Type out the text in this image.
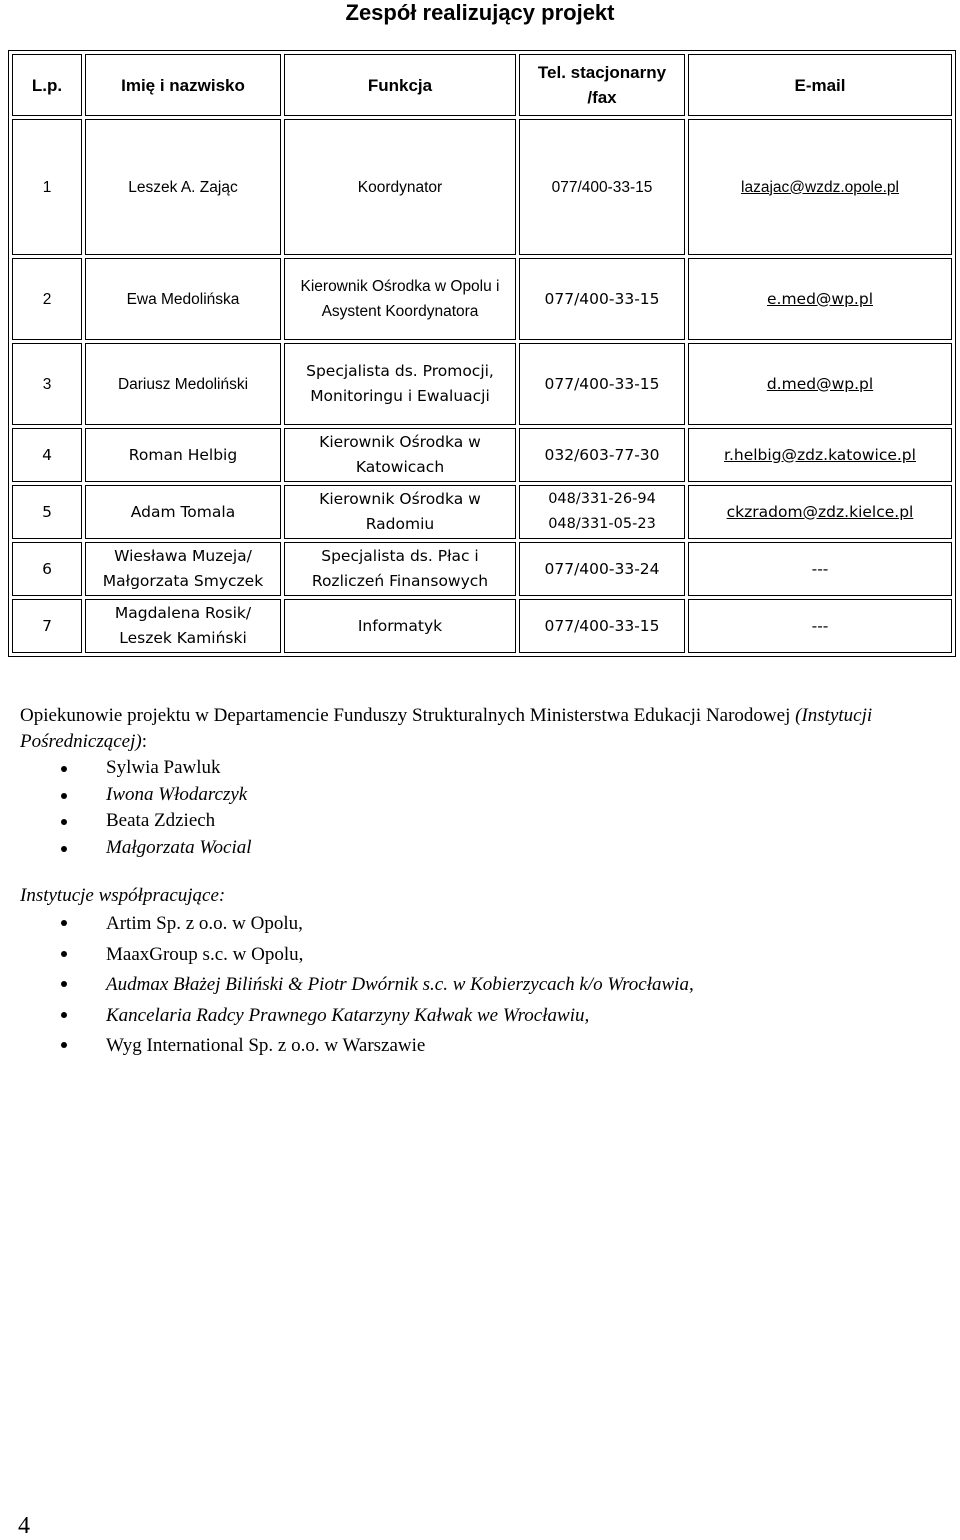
Zespół realizujący projekt
L.p.	Imię i nazwisko	Funkcja	Tel. stacjonarny /fax	E-mail
1	Leszek A. Zając	Koordynator	077/400-33-15	lazajac@wzdz.opole.pl
2	Ewa Medolińska	Kierownik Ośrodka w Opolu i Asystent Koordynatora	077/400-33-15	e.med@wp.pl
3	Dariusz Medoliński	Specjalista ds. Promocji, Monitoringu i Ewaluacji	077/400-33-15	d.med@wp.pl
4	Roman Helbig	Kierownik Ośrodka w Katowicach	032/603-77-30	r.helbig@zdz.katowice.pl
5	Adam Tomala	Kierownik Ośrodka w Radomiu	048/331-26-94 048/331-05-23	ckzradom@zdz.kielce.pl
6	Wiesława Muzeja/ Małgorzata Smyczek	Specjalista ds. Płac i Rozliczeń Finansowych	077/400-33-24	---
7	Magdalena Rosik/ Leszek Kamiński	Informatyk	077/400-33-15	---

Opiekunowie projektu w Departamencie Funduszy Strukturalnych Ministerstwa Edukacji Narodowej (Instytucji Pośredniczącej):

Sylwia Pawluk
Iwona Włodarczyk
Beata Zdziech
Małgorzata Wocial

Instytucje współpracujące:

Artim Sp. z o.o. w Opolu,
MaaxGroup s.c. w Opolu,
Audmax Błażej Biliński & Piotr Dwórnik s.c. w Kobierzycach k/o Wrocławia,
Kancelaria Radcy Prawnego Katarzyny Kałwak we Wrocławiu,
Wyg International Sp. z o.o. w Warszawie
4
